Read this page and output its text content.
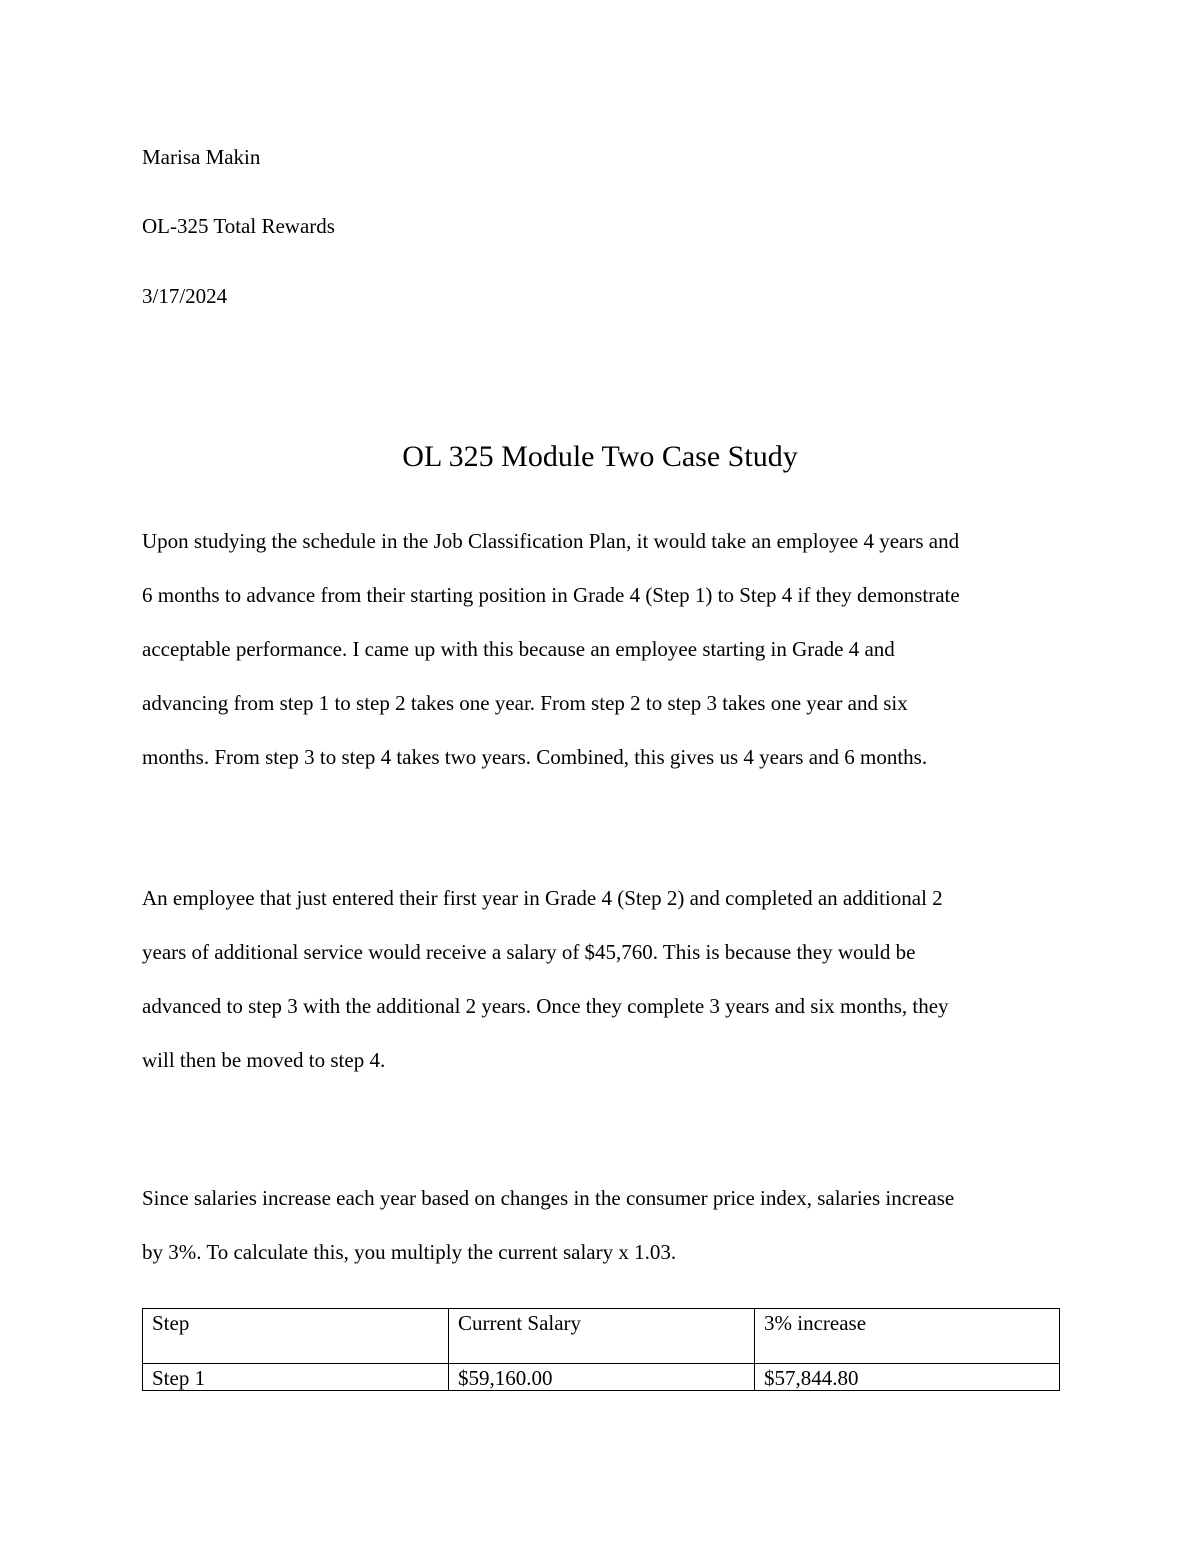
Marisa Makin

OL-325 Total Rewards

3/17/2024

OL 325 Module Two Case Study

Upon studying the schedule in the Job Classification Plan, it would take an employee 4 years and

6 months to advance from their starting position in Grade 4 (Step 1) to Step 4 if they demonstrate

acceptable performance. I came up with this because an employee starting in Grade 4 and

advancing from step 1 to step 2 takes one year. From step 2 to step 3 takes one year and six

months. From step 3 to step 4 takes two years. Combined, this gives us 4 years and 6 months.

An employee that just entered their first year in Grade 4 (Step 2) and completed an additional 2

years of additional service would receive a salary of $45,760. This is because they would be

advanced to step 3 with the additional 2 years. Once they complete 3 years and six months, they

will then be moved to step 4.

Since salaries increase each year based on changes in the consumer price index, salaries increase

by 3%. To calculate this, you multiply the current salary x 1.03.

Step	Current Salary	3% increase
Step 1	$59,160.00	$57,844.80
